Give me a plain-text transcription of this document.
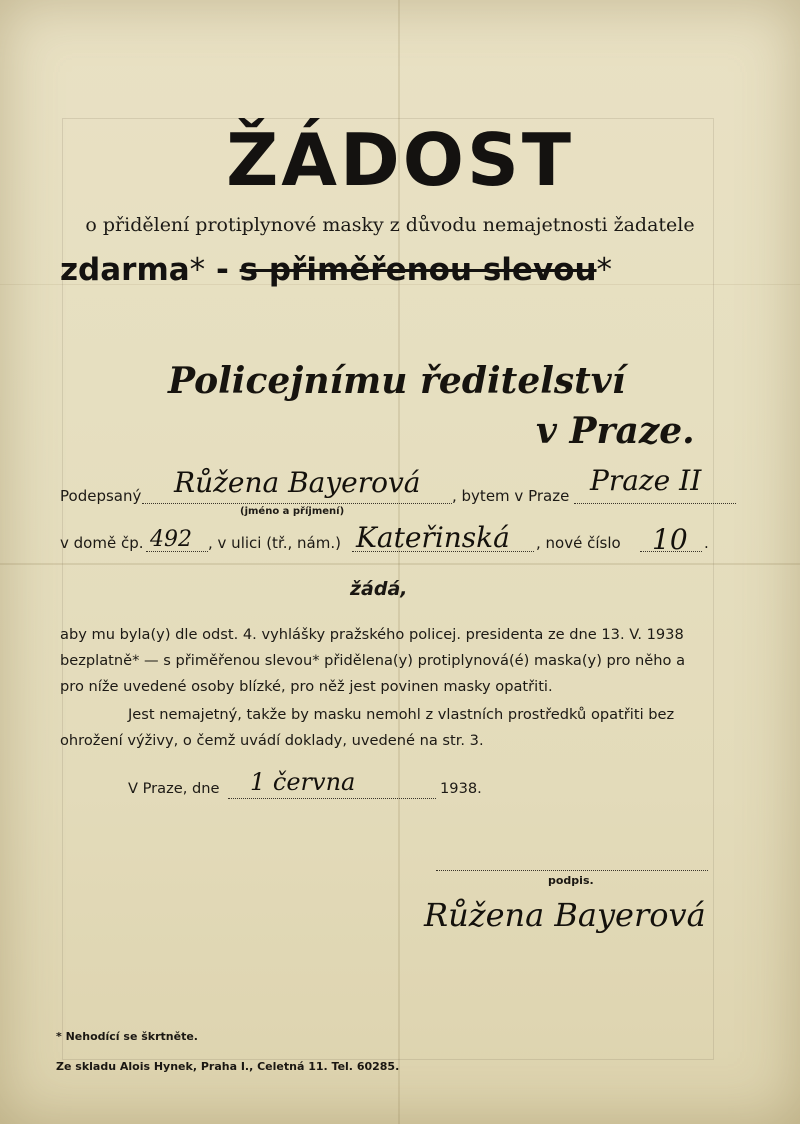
ŽÁDOST
o přidělení protiplynové masky z důvodu nemajetnosti žadatele
zdarma* - s přiměřenou slevou*
Policejnímu ředitelství
v Praze.
Podepsaný Růžena Bayerová
(jméno a příjmení)
, bytem v Praze Praze II
v domě čp. 492 , v ulici (tř., nám.) Kateřinská , nové číslo 10 .
žádá,
aby mu byla(y) dle odst. 4. vyhlášky pražského policej. presidenta ze dne 13. V. 1938
bezplatně* — s přiměřenou slevou* přidělena(y) protiplynová(é) maska(y) pro něho a
pro níže uvedené osoby blízké, pro něž jest povinen masky opatřiti.
Jest nemajetný, takže by masku nemohl z vlastních prostředků opatřiti bez
ohrožení výživy, o čemž uvádí doklady, uvedené na str. 3.
V Praze, dne 1 června	1938.
podpis.
Růžena Bayerová
* Nehodící se škrtněte.
Ze skladu Alois Hynek, Praha I., Celetná 11. Tel. 60285.
